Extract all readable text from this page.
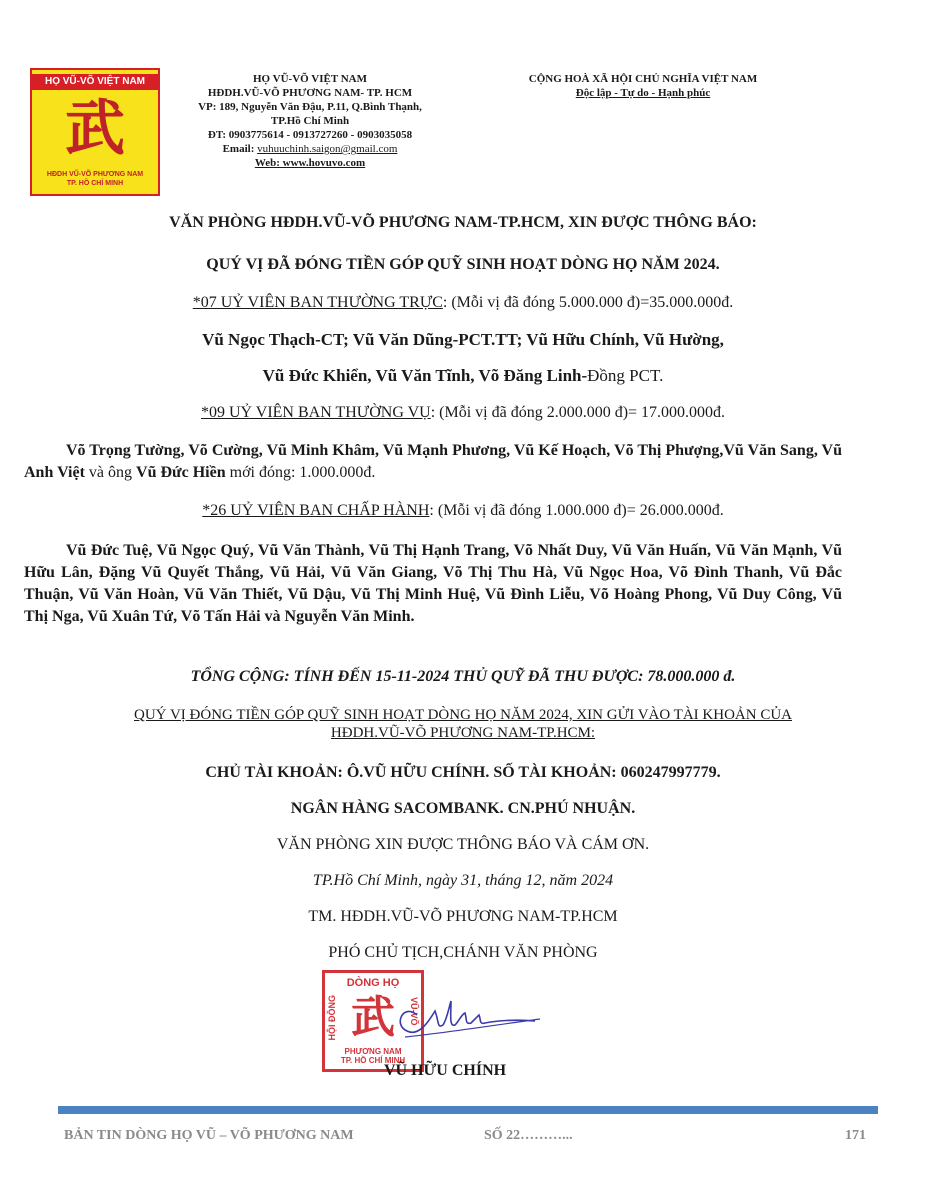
HỌ VŨ-VÕ VIỆT NAM
武
HĐDH VŨ-VÕ PHƯƠNG NAM
TP. HỒ CHÍ MINH
HỌ VŨ-VÕ VIỆT NAM
HĐDH.VŨ-VÕ PHƯƠNG NAM- TP. HCM
VP: 189, Nguyễn Văn Đậu, P.11, Q.Bình Thạnh,
TP.Hồ Chí Minh
ĐT: 0903775614 - 0913727260 - 0903035058
Email: vuhuuchinh.saigon@gmail.com
Web: www.hovuvo.com
CỘNG HOÀ XÃ HỘI CHỦ NGHĨA VIỆT NAM
Độc lập - Tự do - Hạnh phúc
VĂN PHÒNG HĐDH.VŨ-VÕ PHƯƠNG NAM-TP.HCM, XIN ĐƯỢC THÔNG BÁO:
QUÝ VỊ ĐÃ ĐÓNG TIỀN GÓP QUỸ SINH HOẠT DÒNG HỌ NĂM 2024.
*07 UỶ VIÊN BAN THƯỜNG TRỰC: (Mỗi vị đã đóng 5.000.000 đ)=35.000.000đ.
Vũ Ngọc Thạch-CT; Vũ Văn Dũng-PCT.TT; Vũ Hữu Chính, Vũ Hường,
Vũ Đức Khiển, Vũ Văn Tĩnh, Võ Đăng Linh-Đồng PCT.
*09 UỶ VIÊN BAN THƯỜNG VỤ: (Mỗi vị đã đóng 2.000.000 đ)= 17.000.000đ.
Võ Trọng Tường, Võ Cường, Vũ Minh Khâm, Vũ Mạnh Phương, Vũ Kế Hoạch, Võ Thị Phượng,Vũ Văn Sang, Vũ Anh Việt và ông Vũ Đức Hiền mới đóng: 1.000.000đ.
*26 UỶ VIÊN BAN CHẤP HÀNH: (Mỗi vị đã đóng 1.000.000 đ)= 26.000.000đ.
Vũ Đức Tuệ, Vũ Ngọc Quý, Vũ Văn Thành, Vũ Thị Hạnh Trang, Võ Nhất Duy, Vũ Văn Huấn, Vũ Văn Mạnh, Vũ Hữu Lân, Đặng Vũ Quyết Thắng, Vũ Hải, Vũ Văn Giang, Võ Thị Thu Hà, Vũ Ngọc Hoa, Võ Đình Thanh, Vũ Đắc Thuận, Vũ Văn Hoàn, Vũ Văn Thiết, Vũ Dậu, Vũ Thị Minh Huệ, Vũ Đình Liễu, Võ Hoàng Phong, Vũ Duy Công, Vũ Thị Nga, Vũ Xuân Tứ, Võ Tấn Hải và Nguyễn Văn Minh.
TỔNG CỘNG: TÍNH ĐẾN 15-11-2024 THỦ QUỸ ĐÃ THU ĐƯỢC: 78.000.000 đ.
QUÝ VỊ ĐÓNG TIỀN GÓP QUỸ SINH HOẠT DÒNG HỌ NĂM 2024, XIN GỬI VÀO TÀI KHOẢN CỦA
HĐDH.VŨ-VÕ PHƯƠNG NAM-TP.HCM:
CHỦ TÀI KHOẢN: Ô.VŨ HỮU CHÍNH. SỐ TÀI KHOẢN: 060247997779.
NGÂN HÀNG SACOMBANK. CN.PHÚ NHUẬN.
VĂN PHÒNG XIN ĐƯỢC THÔNG BÁO VÀ CÁM ƠN.
TP.Hồ Chí Minh, ngày 31, tháng 12, năm 2024
TM. HĐDH.VŨ-VÕ PHƯƠNG NAM-TP.HCM
PHÓ CHỦ TỊCH,CHÁNH VĂN PHÒNG
DÒNG HỌ
HỘI ĐỒNG 武	VŨ-VÕ
PHƯƠNG NAM
TP. HỒ CHÍ MINH
VŨ HỮU CHÍNH
BẢN TIN DÒNG HỌ VŨ – VÕ PHƯƠNG NAM	SỐ 22………...	171
